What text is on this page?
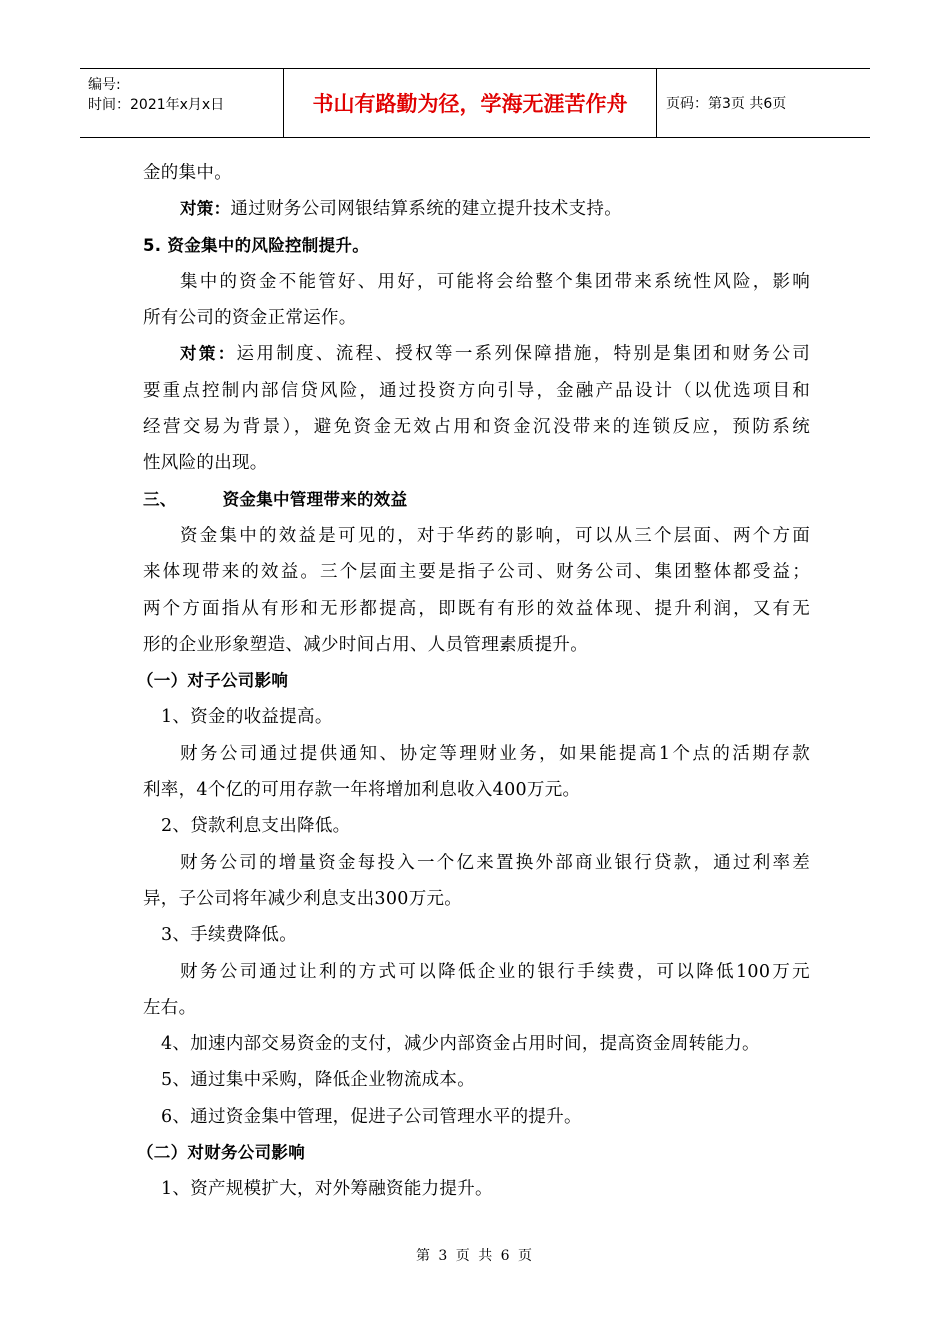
编号:
时间：2021年x月x日	书山有路勤为径，学海无涯苦作舟	页码：第3页 共6页
金的集中。
对策：通过财务公司网银结算系统的建立提升技术支持。
5. 资金集中的风险控制提升。
集中的资金不能管好、用好，可能将会给整个集团带来系统性风险，影响
所有公司的资金正常运作。
对策：运用制度、流程、授权等一系列保障措施，特别是集团和财务公司
要重点控制内部信贷风险，通过投资方向引导，金融产品设计（以优选项目和
经营交易为背景），避免资金无效占用和资金沉没带来的连锁反应，预防系统
性风险的出现。
三、	资金集中管理带来的效益
资金集中的效益是可见的，对于华药的影响，可以从三个层面、两个方面
来体现带来的效益。三个层面主要是指子公司、财务公司、集团整体都受益；
两个方面指从有形和无形都提高，即既有有形的效益体现、提升利润，又有无
形的企业形象塑造、减少时间占用、人员管理素质提升。
（一）对子公司影响
1、资金的收益提高。
财务公司通过提供通知、协定等理财业务，如果能提高1个点的活期存款
利率，4个亿的可用存款一年将增加利息收入400万元。
2、贷款利息支出降低。
财务公司的增量资金每投入一个亿来置换外部商业银行贷款，通过利率差
异，子公司将年减少利息支出300万元。
3、手续费降低。
财务公司通过让利的方式可以降低企业的银行手续费，可以降低100万元
左右。
4、加速内部交易资金的支付，减少内部资金占用时间，提高资金周转能力。
5、通过集中采购，降低企业物流成本。
6、通过资金集中管理，促进子公司管理水平的提升。
（二）对财务公司影响
1、资产规模扩大，对外筹融资能力提升。
第 3 页 共 6 页
